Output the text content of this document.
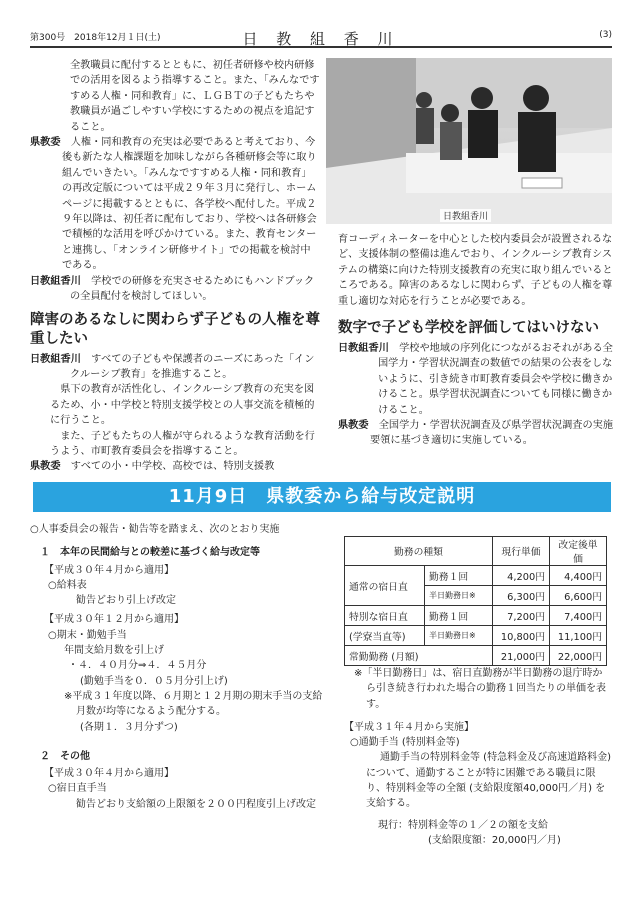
第300号　2018年12月１日(土)	日 教 組 香 川	(3)

全教職員に配付するとともに、初任者研修や校内研修での活用を図るよう指導すること。また、「みんなですすめる人権・同和教育」に、ＬＧＢＴの子どもたちや教職員が過ごしやすい学校にするための視点を追記すること。

県教委　 人権・同和教育の充実は必要であると考えており、今後も新たな人権課題を加味しながら各種研修会等に取り組んでいきたい。「みんなですすめる人権・同和教育」の再改定版については平成２９年３月に発行し、ホームページに掲載するとともに、各学校へ配付した。平成２９年以降は、初任者に配布しており、学校へは各研修会で積極的な活用を呼びかけている。また、教育センターと連携し、「オンライン研修サイト」での掲載を検討中である。

日教組香川　 学校での研修を充実させるためにもハンドブックの全員配付を検討してほしい。

障害のあるなしに関わらず子どもの人権を尊重したい

日教組香川　 すべての子どもや保護者のニーズにあった「インクルーシブ教育」を推進すること。

県下の教育が活性化し、インクルーシブ教育の充実を図るため、小・中学校と特別支援学校との人事交流を積極的に行うこと。

また、子どもたちの人権が守られるような教育活動を行うよう、市町教育委員会を指導すること。

県教委　 すべての小・中学校、高校では、特別支援教

日教組香川

育コーディネーターを中心とした校内委員会が設置されるなど、支援体制の整備は進んでおり、インクルーシブ教育システムの構築に向けた特別支援教育の充実に取り組んでいるところである。障害のあるなしに関わらず、子どもの人権を尊重し適切な対応を行うことが必要である。

数字で子ども学校を評価してはいけない

日教組香川　 学校や地域の序列化につながるおそれがある全国学力・学習状況調査の数値での結果の公表をしないように、引き続き市町教育委員会や学校に働きかけること。県学習状況調査についても同様に働きかけること。

県教委　 全国学力・学習状況調査及び県学習状況調査の実施要領に基づき適切に実施している。

11月9日　県教委から給与改定説明

○人事委員会の報告・勧告等を踏まえ、次のとおり実施

１　本年の民間給与との較差に基づく給与改定等

【平成３０年４月から適用】

○給料表

勧告どおり引上げ改定

【平成３０年１２月から適用】

○期末・勤勉手当

年間支給月数を引上げ

・４．４０月分⇒４．４５月分

(勤勉手当を０．０５月分引上げ)

※平成３１年度以降、６月期と１２月期の期末手当の支給月数が均等になるよう配分する。

(各期１．３月分ずつ)

２　その他

【平成３０年４月から適用】

○宿日直手当

勧告どおり支給額の上限額を２００円程度引上げ改定

勤務の種類		現行単価	改定後単価
通常の宿日直	勤務１回	4,200円	4,400円
	半日勤務日※	6,300円	6,600円
特別な宿日直	勤務１回	7,200円	7,400円
(学寮当直等)	半日勤務日※	10,800円	11,100円
常勤勤務 (月額)		21,000円	22,000円

※「半日勤務日」は、宿日直勤務が半日勤務の退庁時から引き続き行われた場合の勤務１回当たりの単価を表す。

【平成３１年４月から実施】

○通勤手当 (特別料金等)

通勤手当の特別料金等 (特急料金及び高速道路料金) について、通勤することが特に困難である職員に限り、特別料金等の全額 (支給限度額40,000円／月) を支給する。

現行：特別料金等の１／２の額を支給

(支給限度額：20,000円／月)
